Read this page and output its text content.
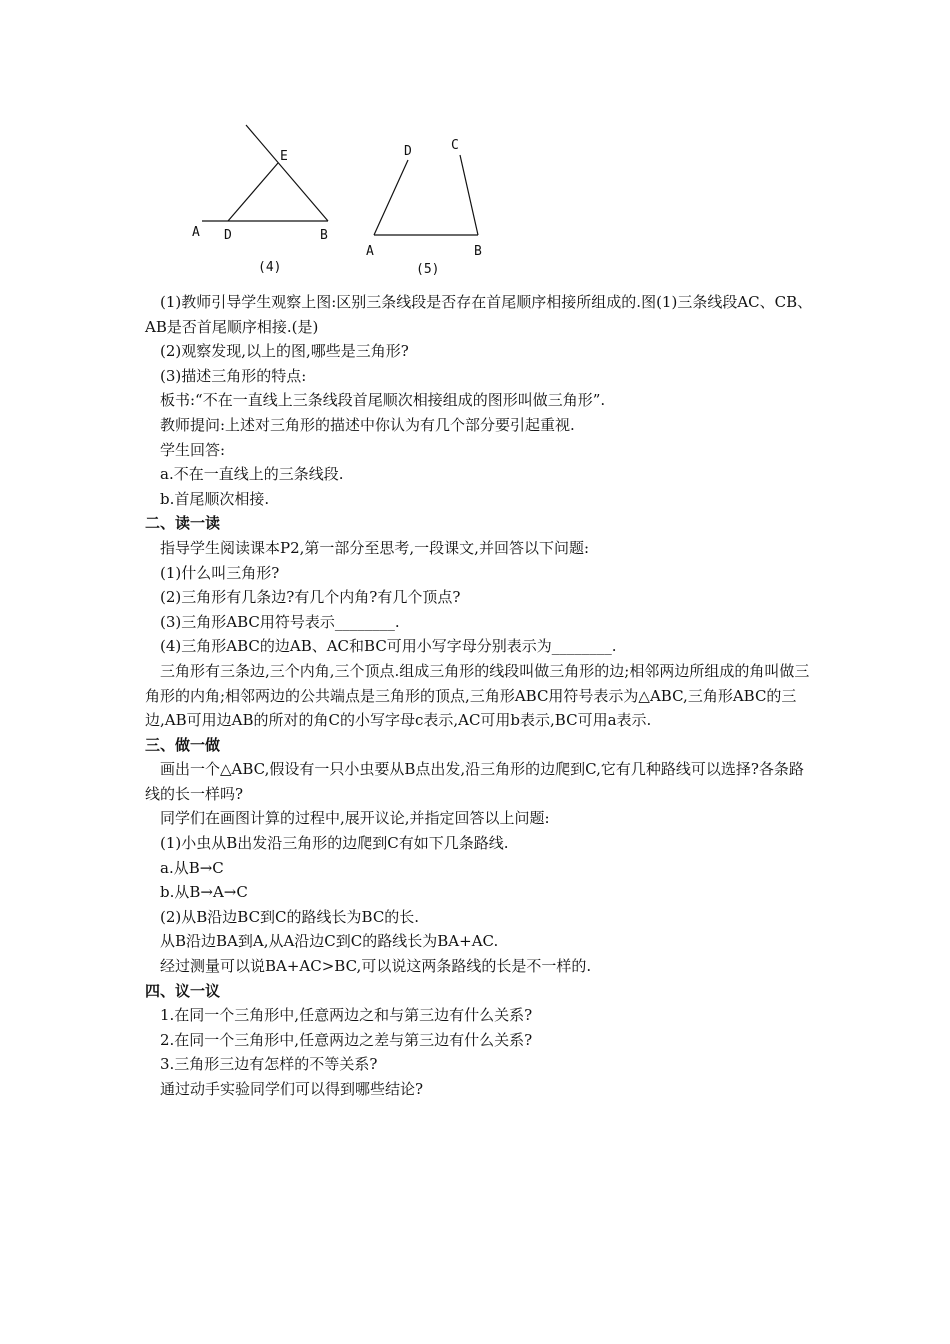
A D
E
B
(4)
D	C
A	B
(5)
(1)教师引导学生观察上图:区别三条线段是否存在首尾顺序相接所组成的.图(1)三条线段AC、CB、AB是否首尾顺序相接.(是)
(2)观察发现,以上的图,哪些是三角形?
(3)描述三角形的特点:
板书:“不在一直线上三条线段首尾顺次相接组成的图形叫做三角形”.
教师提问:上述对三角形的描述中你认为有几个部分要引起重视.
学生回答:
a.不在一直线上的三条线段.
b.首尾顺次相接.
二、读一读
指导学生阅读课本P2,第一部分至思考,一段课文,并回答以下问题:
(1)什么叫三角形?
(2)三角形有几条边?有几个内角?有几个顶点?
(3)三角形ABC用符号表示________.
(4)三角形ABC的边AB、AC和BC可用小写字母分别表示为________.
三角形有三条边,三个内角,三个顶点.组成三角形的线段叫做三角形的边;相邻两边所组成的角叫做三角形的内角;相邻两边的公共端点是三角形的顶点,三角形ABC用符号表示为△ABC,三角形ABC的三边,AB可用边AB的所对的角C的小写字母c表示,AC可用b表示,BC可用a表示.
三、做一做
画出一个△ABC,假设有一只小虫要从B点出发,沿三角形的边爬到C,它有几种路线可以选择?各条路线的长一样吗?
同学们在画图计算的过程中,展开议论,并指定回答以上问题:
(1)小虫从B出发沿三角形的边爬到C有如下几条路线.
a.从B→C
b.从B→A→C
(2)从B沿边BC到C的路线长为BC的长.
从B沿边BA到A,从A沿边C到C的路线长为BA+AC.
经过测量可以说BA+AC>BC,可以说这两条路线的长是不一样的.
四、议一议
1.在同一个三角形中,任意两边之和与第三边有什么关系?
2.在同一个三角形中,任意两边之差与第三边有什么关系?
3.三角形三边有怎样的不等关系?
通过动手实验同学们可以得到哪些结论?
